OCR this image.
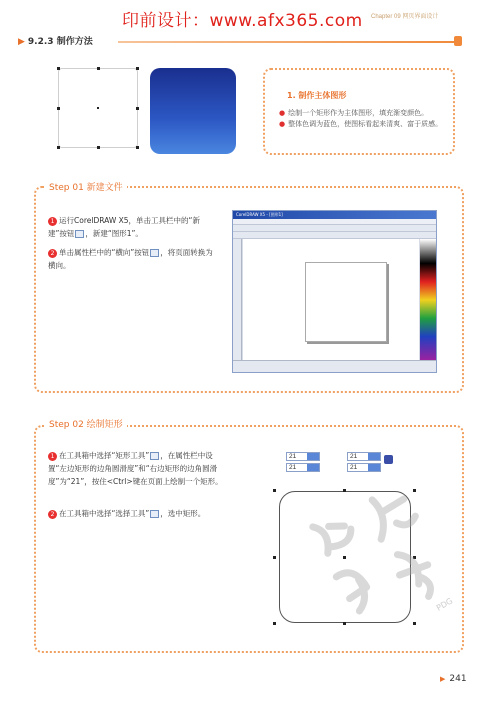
印前设计：www.afx365.com Chapter 09 网页界面设计
▶ 9.2.3 制作方法
1. 制作主体图形
● 绘制一个矩形作为主体图形，填充渐变颜色。
● 整体色调为蓝色，使图标看起来清爽、富于质感。
Step 01 新建文件
1 运行CorelDRAW X5，单击工具栏中的“新建”按钮 ，新建“图形1”。
2 单击属性栏中的“横向”按钮 ，将页面转换为横向。
CorelDRAW X5 - [图形1]
Step 02 绘制矩形
1 在工具箱中选择“矩形工具” ，在属性栏中设置“左边矩形的边角圆滑度”和“右边矩形的边角圆滑度”为“21”，按住<Ctrl>键在页面上绘制一个矩形。
2 在工具箱中选择“选择工具” ，选中矩形。
21	21
21	21
PDG
▶ 241
